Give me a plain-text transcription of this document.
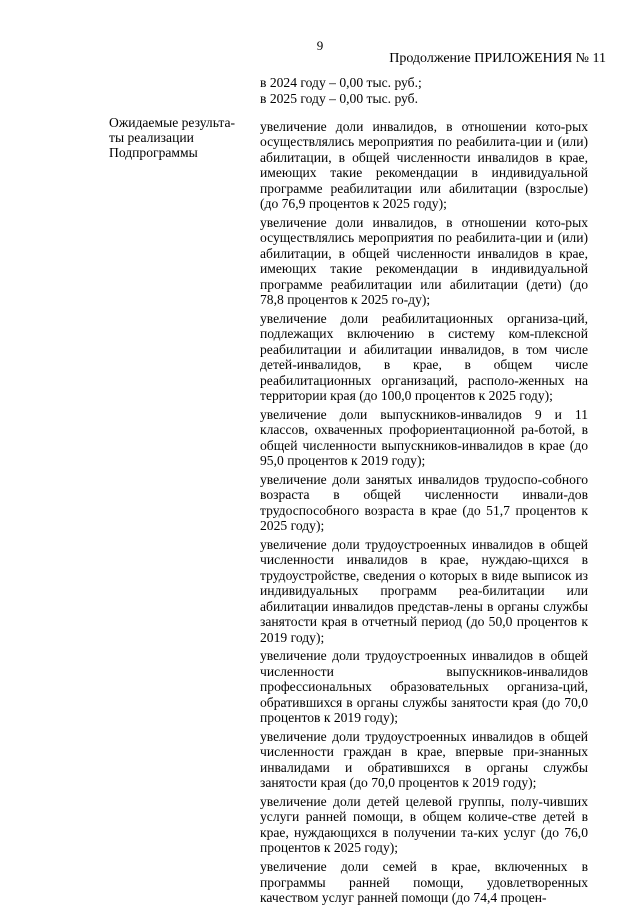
9
Продолжение ПРИЛОЖЕНИЯ № 11
в 2024 году – 0,00 тыс. руб.;
в 2025 году – 0,00 тыс. руб.
Ожидаемые результа-ты реализации Подпрограммы
увеличение доли инвалидов, в отношении кото-рых осуществлялись мероприятия по реабилита-ции и (или) абилитации, в общей численности инвалидов в крае, имеющих такие рекомендации в индивидуальной программе реабилитации или абилитации (взрослые) (до 76,9 процентов к 2025 году);
увеличение доли инвалидов, в отношении кото-рых осуществлялись мероприятия по реабилита-ции и (или) абилитации, в общей численности инвалидов в крае, имеющих такие рекомендации в индивидуальной программе реабилитации или абилитации (дети) (до 78,8 процентов к 2025 го-ду);
увеличение доли реабилитационных организа-ций, подлежащих включению в систему ком-плексной реабилитации и абилитации инвалидов, в том числе детей-инвалидов, в крае, в общем числе реабилитационных организаций, располо-женных на территории края (до 100,0 процентов к 2025 году);
увеличение доли выпускников-инвалидов 9 и 11 классов, охваченных профориентационной ра-ботой, в общей численности выпускников-инвалидов в крае (до 95,0 процентов к 2019 году);
увеличение доли занятых инвалидов трудоспо-собного возраста в общей численности инвали-дов трудоспособного возраста в крае (до 51,7 процентов к 2025 году);
увеличение доли трудоустроенных инвалидов в общей численности инвалидов в крае, нуждаю-щихся в трудоустройстве, сведения о которых в виде выписок из индивидуальных программ реа-билитации или абилитации инвалидов представ-лены в органы службы занятости края в отчетный период (до 50,0 процентов к 2019 году);
увеличение доли трудоустроенных инвалидов в общей численности выпускников-инвалидов профессиональных образовательных организа-ций, обратившихся в органы службы занятости края (до 70,0 процентов к 2019 году);
увеличение доли трудоустроенных инвалидов в общей численности граждан в крае, впервые при-знанных инвалидами и обратившихся в органы службы занятости края (до 70,0 процентов к 2019 году);
увеличение доли детей целевой группы, полу-чивших услуги ранней помощи, в общем количе-стве детей в крае, нуждающихся в получении та-ких услуг (до 76,0 процентов к 2025 году);
увеличение доли семей в крае, включенных в программы ранней помощи, удовлетворенных качеством услуг ранней помощи (до 74,4 процен-
